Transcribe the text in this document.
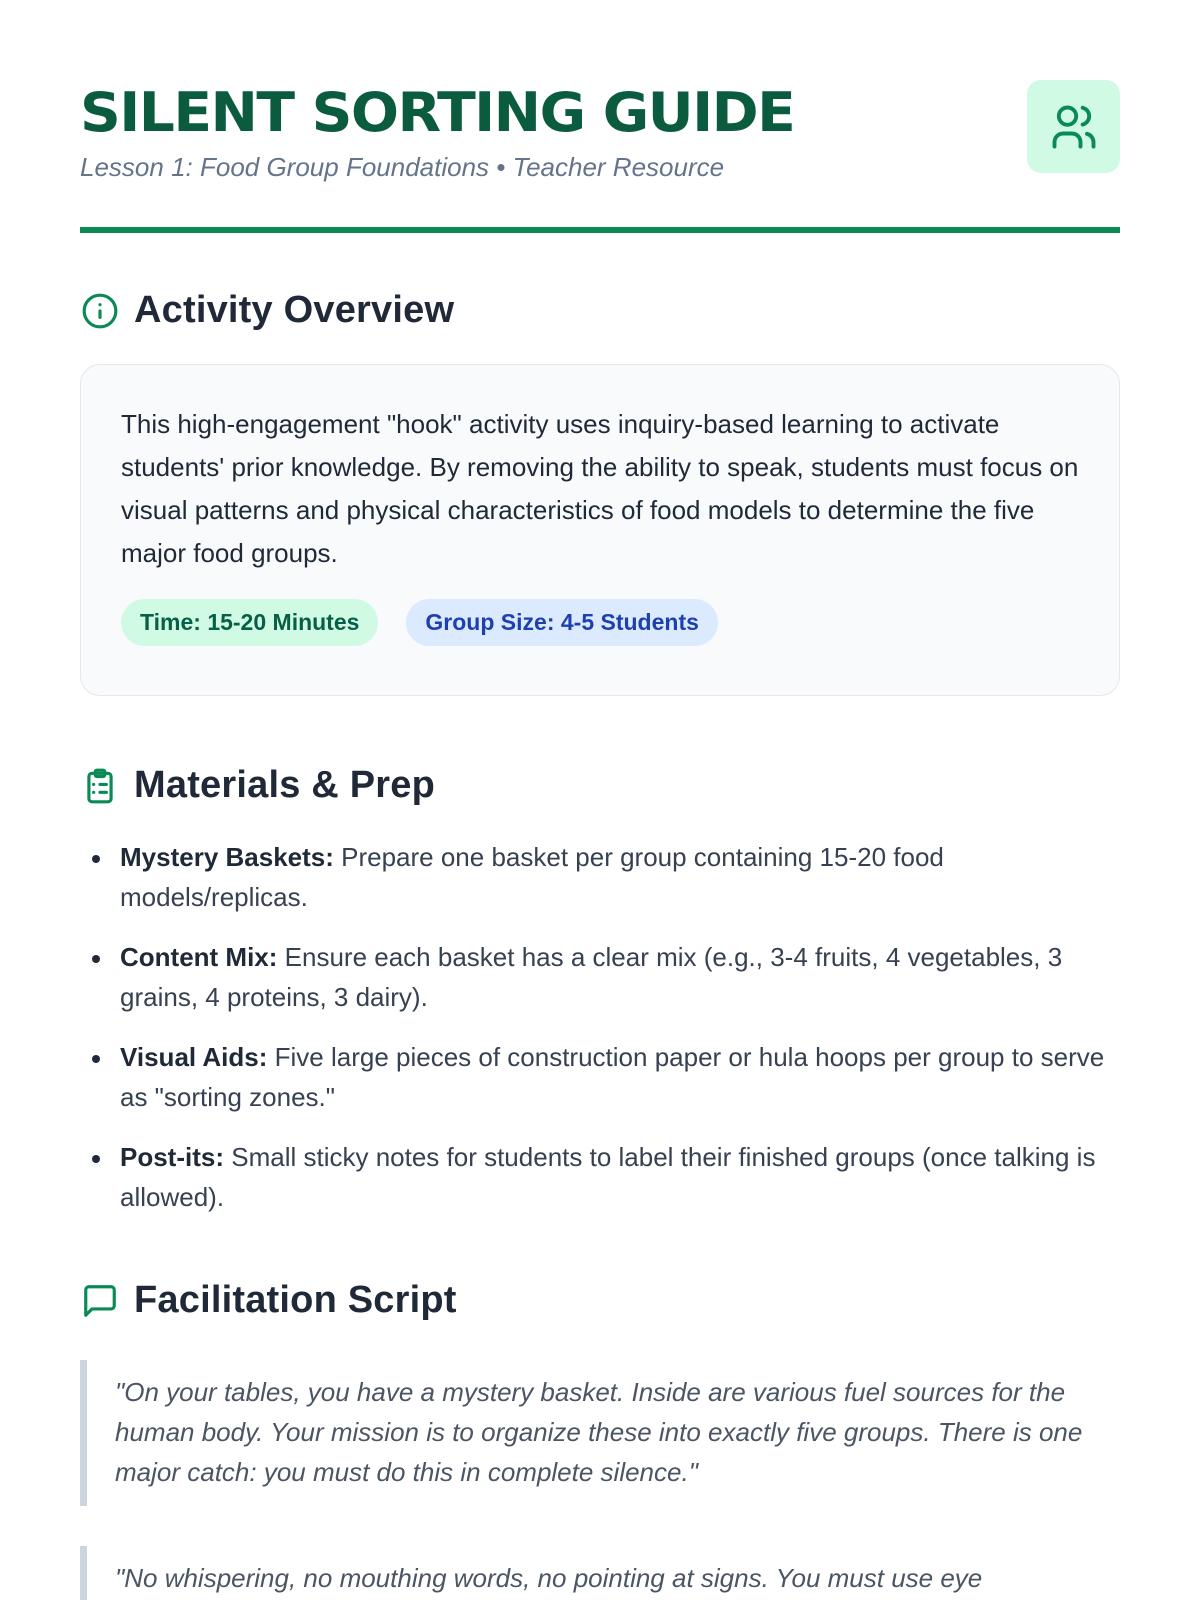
SILENT SORTING GUIDE
Lesson 1: Food Group Foundations • Teacher Resource
Activity Overview

This high-engagement "hook" activity uses inquiry-based learning to activate students' prior knowledge. By removing the ability to speak, students must focus on visual patterns and physical characteristics of food models to determine the five major food groups.

Time: 15-20 Minutes	Group Size: 4-5 Students
Materials & Prep
Mystery Baskets: Prepare one basket per group containing 15-20 food models/replicas.
Content Mix: Ensure each basket has a clear mix (e.g., 3-4 fruits, 4 vegetables, 3 grains, 4 proteins, 3 dairy).
Visual Aids: Five large pieces of construction paper or hula hoops per group to serve as "sorting zones."
Post-its: Small sticky notes for students to label their finished groups (once talking is allowed).
Facilitation Script
"On your tables, you have a mystery basket. Inside are various fuel sources for the human body. Your mission is to organize these into exactly five groups. There is one major catch: you must do this in complete silence."
"No whispering, no mouthing words, no pointing at signs. You must use eye
